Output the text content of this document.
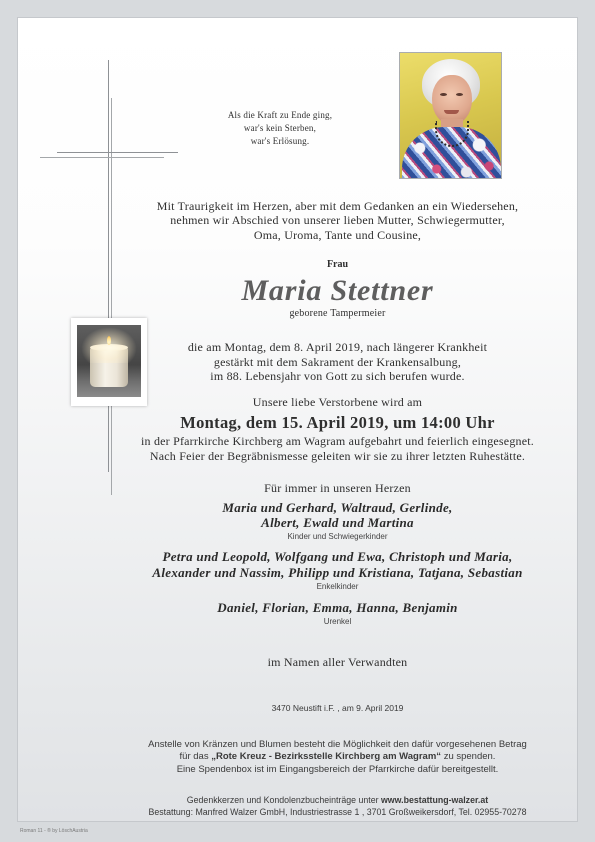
Als die Kraft zu Ende ging,
war's kein Sterben,
war's Erlösung.
Mit Traurigkeit im Herzen, aber mit dem Gedanken an ein Wiedersehen,
nehmen wir Abschied von unserer lieben Mutter, Schwiegermutter,
Oma, Uroma, Tante und Cousine,
Frau
Maria Stettner
geborene Tampermeier
die am Montag, dem 8. April 2019, nach längerer Krankheit
gestärkt mit dem Sakrament der Krankensalbung,
im 88. Lebensjahr von Gott zu sich berufen wurde.
Unsere liebe Verstorbene wird am
Montag, dem 15. April 2019, um 14:00 Uhr
in der Pfarrkirche Kirchberg am Wagram aufgebahrt und feierlich eingesegnet.
Nach Feier der Begräbnismesse geleiten wir sie zu ihrer letzten Ruhestätte.
Für immer in unseren Herzen
Maria und Gerhard, Waltraud, Gerlinde,
Albert, Ewald und Martina
Kinder und Schwiegerkinder
Petra und Leopold, Wolfgang und Ewa, Christoph und Maria,
Alexander und Nassim, Philipp und Kristiana, Tatjana, Sebastian
Enkelkinder
Daniel, Florian, Emma, Hanna, Benjamin
Urenkel
im Namen aller Verwandten
3470 Neustift i.F. , am 9. April 2019
Anstelle von Kränzen und Blumen besteht die Möglichkeit den dafür vorgesehenen Betrag
für das „Rote Kreuz - Bezirksstelle Kirchberg am Wagram“ zu spenden.
Eine Spendenbox ist im Eingangsbereich der Pfarrkirche dafür bereitgestellt.
Gedenkkerzen und Kondolenzbucheinträge unter www.bestattung-walzer.at
Bestattung: Manfred Walzer GmbH, Industriestrasse 1 , 3701 Großweikersdorf, Tel. 02955-70278
Roman 11 - ® by LöschAustria
